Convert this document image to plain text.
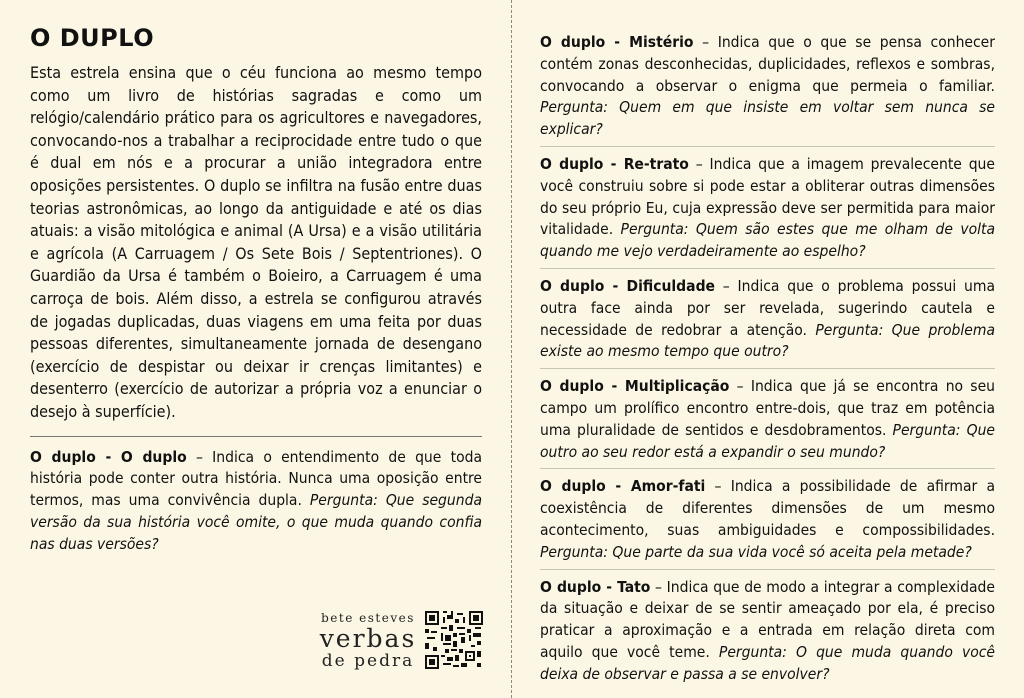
O DUPLO

Esta estrela ensina que o céu funciona ao mesmo tempo como um livro de histórias sagradas e como um relógio/calendário prático para os agricultores e navegadores, convocando-nos a trabalhar a reciprocidade entre tudo o que é dual em nós e a procurar a união integradora entre oposições persistentes. O duplo se infiltra na fusão entre duas teorias astronômicas, ao longo da antiguidade e até os dias atuais: a visão mitológica e animal (A Ursa) e a visão utilitária e agrícola (A Carruagem / Os Sete Bois / Septentriones). O Guardião da Ursa é também o Boieiro, a Carruagem é uma carroça de bois. Além disso, a estrela se configurou através de jogadas duplicadas, duas viagens em uma feita por duas pessoas diferentes, simultaneamente jornada de desengano (exercício de despistar ou deixar ir crenças limitantes) e desenterro (exercício de autorizar a própria voz a enunciar o desejo à superfície).

O duplo - O duplo – Indica o entendimento de que toda história pode conter outra história. Nunca uma oposição entre termos, mas uma convivência dupla. Pergunta: Que segunda versão da sua história você omite, o que muda quando confia nas duas versões?

O duplo - Mistério – Indica que o que se pensa conhecer contém zonas desconhecidas, duplicidades, reflexos e sombras, convocando a observar o enigma que permeia o familiar. Pergunta: Quem em que insiste em voltar sem nunca se explicar?

O duplo - Re-trato – Indica que a imagem prevalecente que você construiu sobre si pode estar a obliterar outras dimensões do seu próprio Eu, cuja expressão deve ser permitida para maior vitalidade. Pergunta: Quem são estes que me olham de volta quando me vejo verdadeiramente ao espelho?

O duplo - Dificuldade – Indica que o problema possui uma outra face ainda por ser revelada, sugerindo cautela e necessidade de redobrar a atenção. Pergunta: Que problema existe ao mesmo tempo que outro?

O duplo - Multiplicação – Indica que já se encontra no seu campo um prolífico encontro entre-dois, que traz em potência uma pluralidade de sentidos e desdobramentos. Pergunta: Que outro ao seu redor está a expandir o seu mundo?

O duplo - Amor-fati – Indica a possibilidade de afirmar a coexistência de diferentes dimensões de um mesmo acontecimento, suas ambiguidades e compossibilidades. Pergunta: Que parte da sua vida você só aceita pela metade?

O duplo - Tato – Indica que de modo a integrar a complexidade da situação e deixar de se sentir ameaçado por ela, é preciso praticar a aproximação e a entrada em relação direta com aquilo que você teme. Pergunta: O que muda quando você deixa de observar e passa a se envolver?

bete esteves
verbas
de pedra
